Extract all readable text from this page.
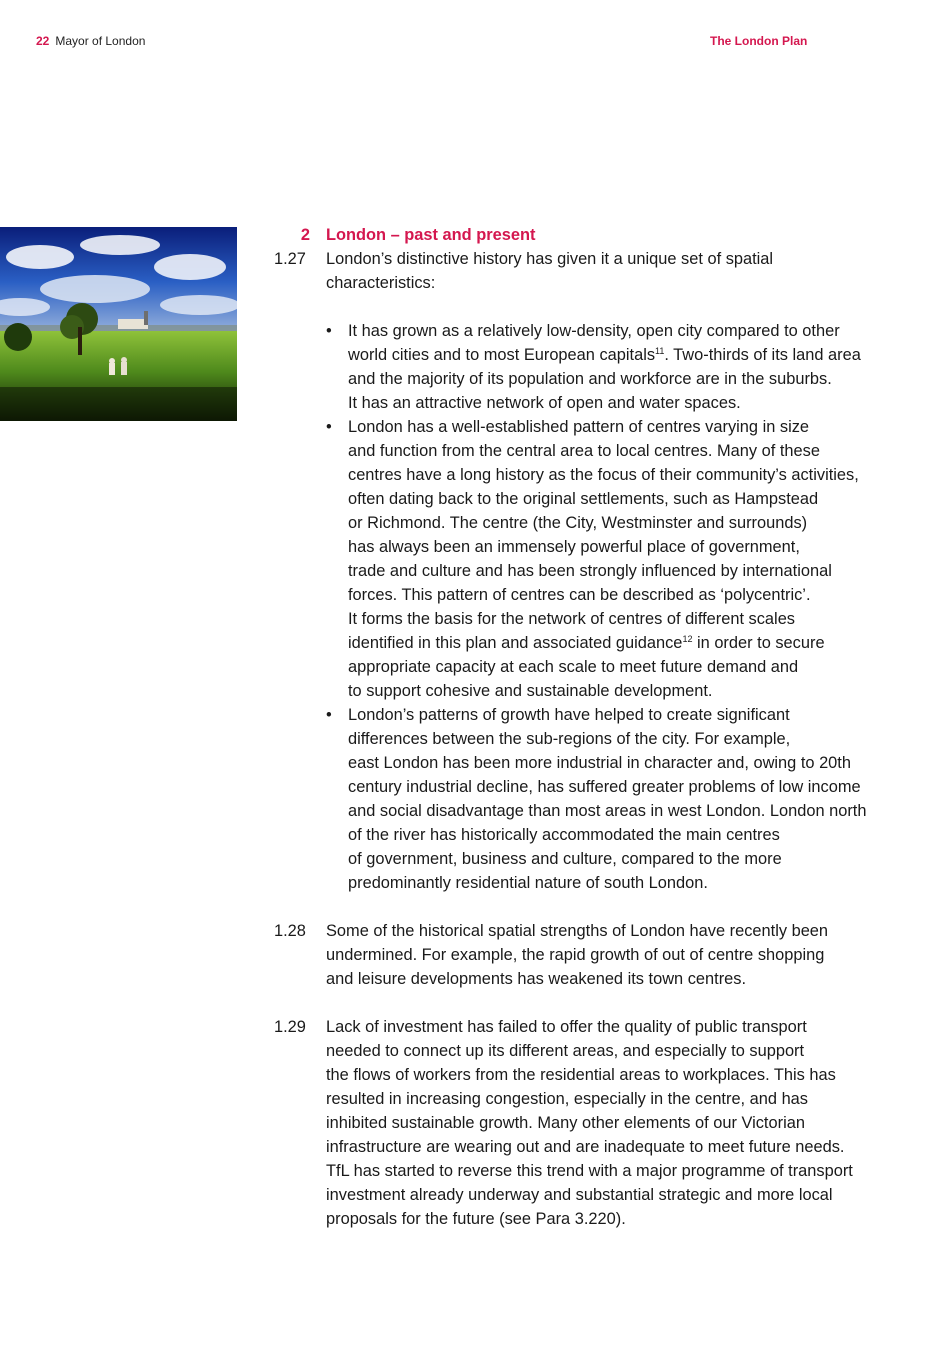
22 Mayor of London	The London Plan
2 London – past and present
1.27 London’s distinctive history has given it a unique set of spatial
characteristics:
• It has grown as a relatively low-density, open city compared to other
world cities and to most European capitals$^{11}$. Two-thirds of its land area
and the majority of its population and workforce are in the suburbs.
It has an attractive network of open and water spaces.
• London has a well-established pattern of centres varying in size
and function from the central area to local centres. Many of these
centres have a long history as the focus of their community’s activities,
often dating back to the original settlements, such as Hampstead
or Richmond. The centre (the City, Westminster and surrounds)
has always been an immensely powerful place of government,
trade and culture and has been strongly influenced by international
forces. This pattern of centres can be described as ‘polycentric’.
It forms the basis for the network of centres of different scales
identified in this plan and associated guidance$^{12}$ in order to secure
appropriate capacity at each scale to meet future demand and
to support cohesive and sustainable development.
• London’s patterns of growth have helped to create significant
differences between the sub-regions of the city. For example,
east London has been more industrial in character and, owing to 20th
century industrial decline, has suffered greater problems of low income
and social disadvantage than most areas in west London. London north
of the river has historically accommodated the main centres
of government, business and culture, compared to the more
predominantly residential nature of south London.
1.28 Some of the historical spatial strengths of London have recently been
undermined. For example, the rapid growth of out of centre shopping
and leisure developments has weakened its town centres.
1.29 Lack of investment has failed to offer the quality of public transport
needed to connect up its different areas, and especially to support
the flows of workers from the residential areas to workplaces. This has
resulted in increasing congestion, especially in the centre, and has
inhibited sustainable growth. Many other elements of our Victorian
infrastructure are wearing out and are inadequate to meet future needs.
TfL has started to reverse this trend with a major programme of transport
investment already underway and substantial strategic and more local
proposals for the future (see Para 3.220).
